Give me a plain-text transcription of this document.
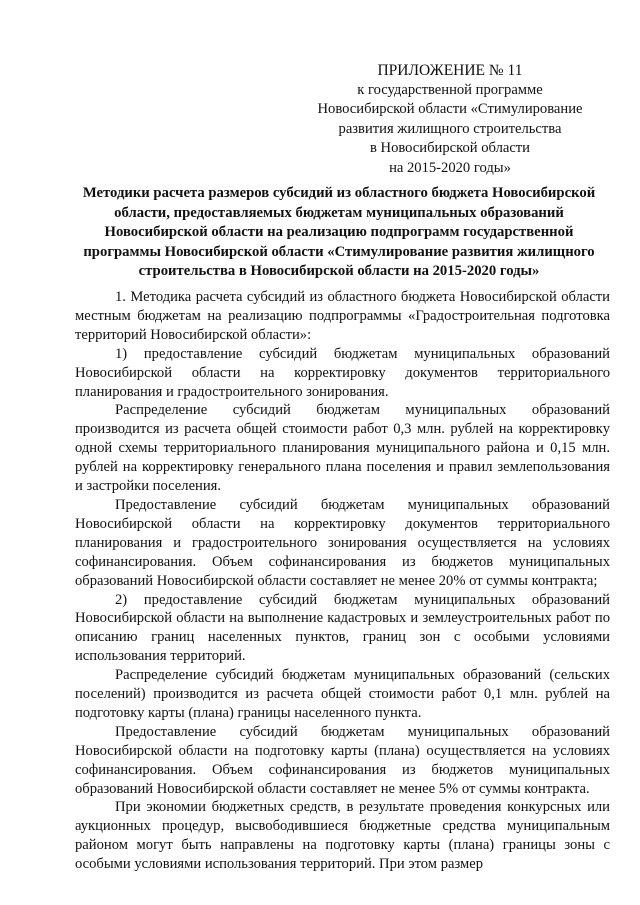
ПРИЛОЖЕНИЕ № 11
к государственной программе
Новосибирской области «Стимулирование
развития жилищного строительства
в Новосибирской области
на 2015-2020 годы»
Методики расчета размеров субсидий из областного бюджета Новосибирской
области, предоставляемых бюджетам муниципальных образований
Новосибирской области на реализацию подпрограмм государственной
программы Новосибирской области «Стимулирование развития жилищного
строительства в Новосибирской области на 2015-2020 годы»

1. Методика расчета субсидий из областного бюджета Новосибирской области местным бюджетам на реализацию подпрограммы «Градостроительная подготовка территорий Новосибирской области»:

1) предоставление субсидий бюджетам муниципальных образований Новосибирской области на корректировку документов территориального планирования и градостроительного зонирования.

Распределение субсидий бюджетам муниципальных образований производится из расчета общей стоимости работ 0,3 млн. рублей на корректировку одной схемы территориального планирования муниципального района и 0,15 млн. рублей на корректировку генерального плана поселения и правил землепользования и застройки поселения.

Предоставление субсидий бюджетам муниципальных образований Новосибирской области на корректировку документов территориального планирования и градостроительного зонирования осуществляется на условиях софинансирования. Объем софинансирования из бюджетов муниципальных образований Новосибирской области составляет не менее 20% от суммы контракта;

2) предоставление субсидий бюджетам муниципальных образований Новосибирской области на выполнение кадастровых и землеустроительных работ по описанию границ населенных пунктов, границ зон с особыми условиями использования территорий.

Распределение субсидий бюджетам муниципальных образований (сельских поселений) производится из расчета общей стоимости работ 0,1 млн. рублей на подготовку карты (плана) границы населенного пункта.

Предоставление субсидий бюджетам муниципальных образований Новосибирской области на подготовку карты (плана) осуществляется на условиях софинансирования. Объем софинансирования из бюджетов муниципальных образований Новосибирской области составляет не менее 5% от суммы контракта.

При экономии бюджетных средств, в результате проведения конкурсных или аукционных процедур, высвободившиеся бюджетные средства муниципальным районом могут быть направлены на подготовку карты (плана) границы зоны с особыми условиями использования территорий. При этом размер
